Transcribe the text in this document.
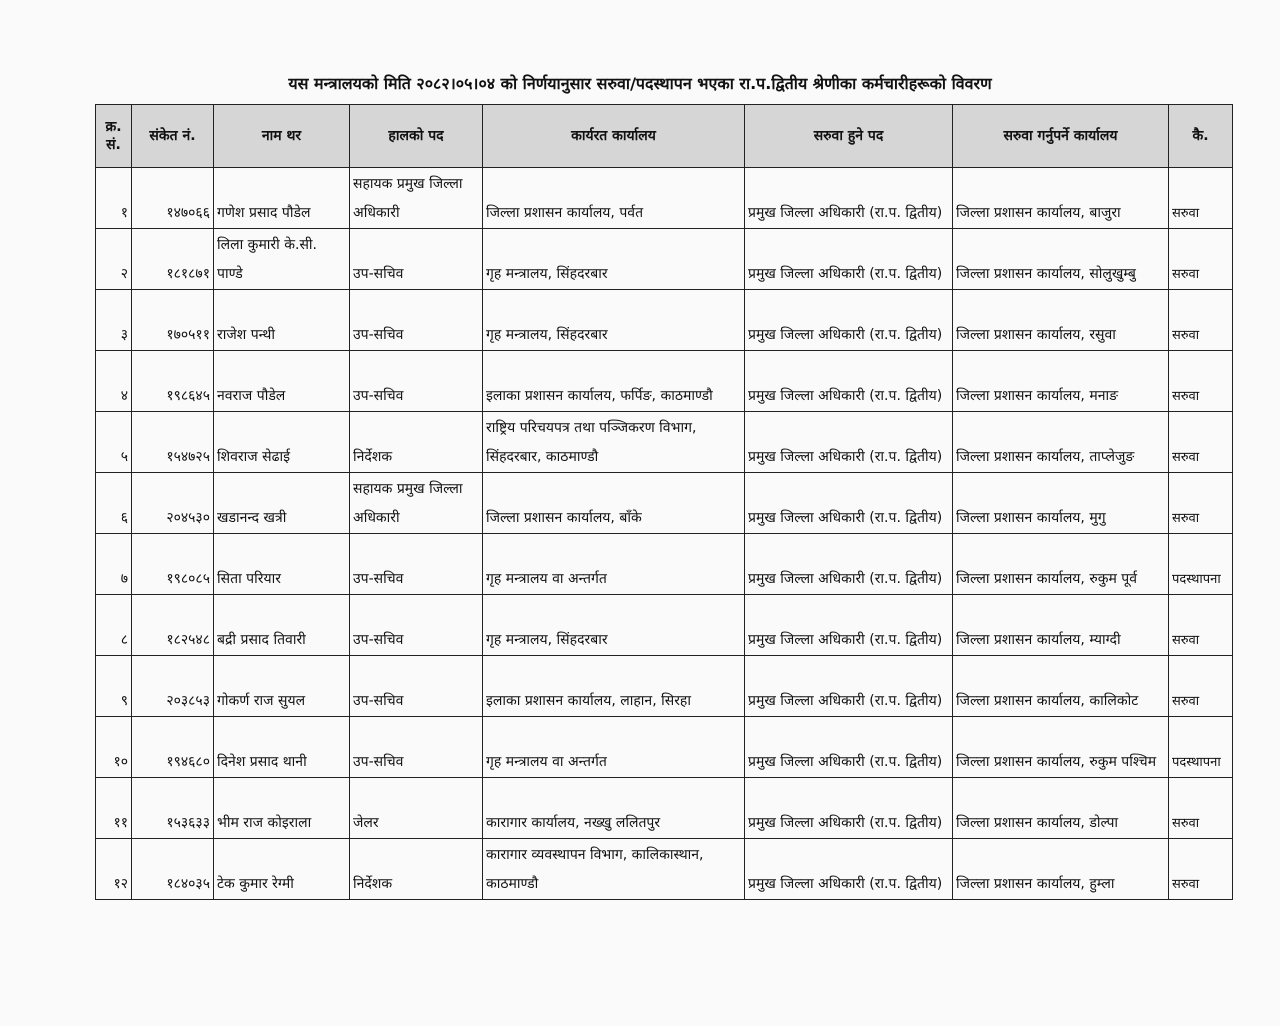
यस मन्त्रालयको मिति २०८२।०५।०४ को निर्णयानुसार सरुवा/पदस्थापन भएका रा.प.द्वितीय श्रेणीका कर्मचारीहरूको विवरण
क्र. सं.	संकेत नं.	नाम थर	हालको पद	कार्यरत कार्यालय	सरुवा हुने पद	सरुवा गर्नुपर्ने कार्यालय	कै.
१	१४७०६६	गणेश प्रसाद पौडेल	सहायक प्रमुख जिल्ला अधिकारी	जिल्ला प्रशासन कार्यालय, पर्वत	प्रमुख जिल्ला अधिकारी (रा.प. द्वितीय)	जिल्ला प्रशासन कार्यालय, बाजुरा	सरुवा
२	१८१८७१	लिला कुमारी के.सी. पाण्डे	उप-सचिव	गृह मन्त्रालय, सिंहदरबार	प्रमुख जिल्ला अधिकारी (रा.प. द्वितीय)	जिल्ला प्रशासन कार्यालय, सोलुखुम्बु	सरुवा
३	१७०५११	राजेश पन्थी	उप-सचिव	गृह मन्त्रालय, सिंहदरबार	प्रमुख जिल्ला अधिकारी (रा.प. द्वितीय)	जिल्ला प्रशासन कार्यालय, रसुवा	सरुवा
४	१९८६४५	नवराज पौडेल	उप-सचिव	इलाका प्रशासन कार्यालय, फर्पिङ, काठमाण्डौ	प्रमुख जिल्ला अधिकारी (रा.प. द्वितीय)	जिल्ला प्रशासन कार्यालय, मनाङ	सरुवा
५	१५४७२५	शिवराज सेढाई	निर्देशक	राष्ट्रिय परिचयपत्र तथा पञ्जिकरण विभाग, सिंहदरबार, काठमाण्डौ	प्रमुख जिल्ला अधिकारी (रा.प. द्वितीय)	जिल्ला प्रशासन कार्यालय, ताप्लेजुङ	सरुवा
६	२०४५३०	खडानन्द खत्री	सहायक प्रमुख जिल्ला अधिकारी	जिल्ला प्रशासन कार्यालय, बाँके	प्रमुख जिल्ला अधिकारी (रा.प. द्वितीय)	जिल्ला प्रशासन कार्यालय, मुगु	सरुवा
७	१९८०८५	सिता परियार	उप-सचिव	गृह मन्त्रालय वा अन्तर्गत	प्रमुख जिल्ला अधिकारी (रा.प. द्वितीय)	जिल्ला प्रशासन कार्यालय, रुकुम पूर्व	पदस्थापना
८	१८२५४८	बद्री प्रसाद तिवारी	उप-सचिव	गृह मन्त्रालय, सिंहदरबार	प्रमुख जिल्ला अधिकारी (रा.प. द्वितीय)	जिल्ला प्रशासन कार्यालय, म्याग्दी	सरुवा
९	२०३८५३	गोकर्ण राज सुयल	उप-सचिव	इलाका प्रशासन कार्यालय, लाहान, सिरहा	प्रमुख जिल्ला अधिकारी (रा.प. द्वितीय)	जिल्ला प्रशासन कार्यालय, कालिकोट	सरुवा
१०	१९४६८०	दिनेश प्रसाद थानी	उप-सचिव	गृह मन्त्रालय वा अन्तर्गत	प्रमुख जिल्ला अधिकारी (रा.प. द्वितीय)	जिल्ला प्रशासन कार्यालय, रुकुम पश्चिम	पदस्थापना
११	१५३६३३	भीम राज कोइराला	जेलर	कारागार कार्यालय, नख्खु ललितपुर	प्रमुख जिल्ला अधिकारी (रा.प. द्वितीय)	जिल्ला प्रशासन कार्यालय, डोल्पा	सरुवा
१२	१८४०३५	टेक कुमार रेग्मी	निर्देशक	कारागार व्यवस्थापन विभाग, कालिकास्थान, काठमाण्डौ	प्रमुख जिल्ला अधिकारी (रा.प. द्वितीय)	जिल्ला प्रशासन कार्यालय, हुम्ला	सरुवा
